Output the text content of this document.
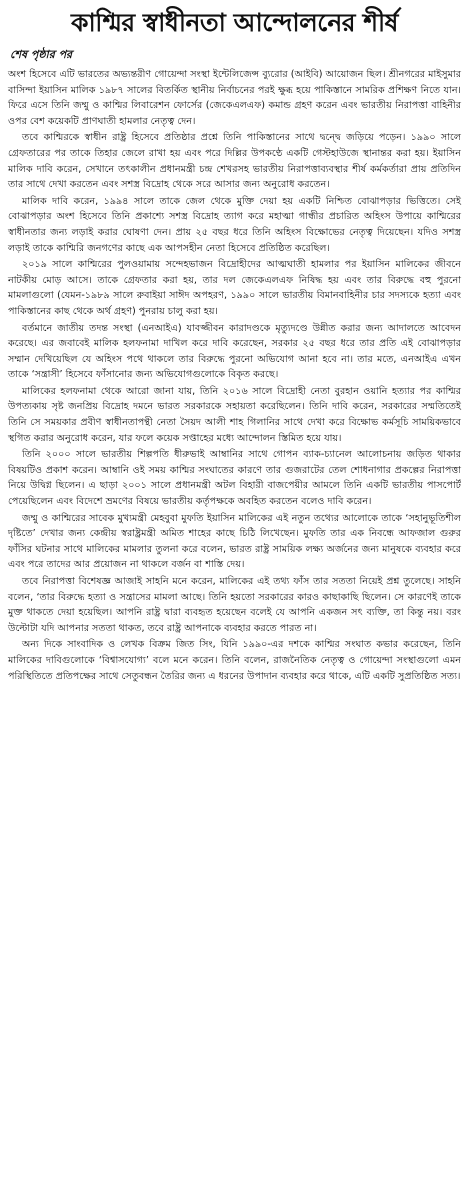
কাশ্মির স্বাধীনতা আন্দোলনের শীর্ষ
শেষ পৃষ্ঠার পর

অংশ হিসেবে এটি ভারতের অভ্যন্তরীণ গোয়েন্দা সংস্থা ইন্টেলিজেন্স ব্যুরোর (আইবি) আয়োজন ছিল। শ্রীনগরের মাইসুমার বাসিন্দা ইয়াসিন মালিক ১৯৮৭ সালের বিতর্কিত স্থানীয় নির্বাচনের পরই ক্ষুব্ধ হয়ে পাকিস্তানে সামরিক প্রশিক্ষণ নিতে যান। ফিরে এসে তিনি জম্মু ও কাশ্মির লিবারেশন ফোর্সের (জেকেএলএফ) কমান্ড গ্রহণ করেন এবং ভারতীয় নিরাপত্তা বাহিনীর ওপর বেশ কয়েকটি প্রাণঘাতী হামলার নেতৃত্ব দেন।

তবে কাশ্মিরকে স্বাধীন রাষ্ট্র হিসেবে প্রতিষ্ঠার প্রশ্নে তিনি পাকিস্তানের সাথে দ্বন্দ্বে জড়িয়ে পড়েন। ১৯৯০ সালে গ্রেফতারের পর তাকে তিহার জেলে রাখা হয় এবং পরে দিল্লির উপকণ্ঠে একটি গেস্টহাউজে স্থানান্তর করা হয়। ইয়াসিন মালিক দাবি করেন, সেখানে তৎকালীন প্রধানমন্ত্রী চন্দ্র শেখরসহ ভারতীয় নিরাপত্তাব্যবস্থার শীর্ষ কর্মকর্তারা প্রায় প্রতিদিন তার সাথে দেখা করতেন এবং সশস্ত্র বিদ্রোহ থেকে সরে আসার জন্য অনুরোধ করতেন।

মালিক দাবি করেন, ১৯৯৪ সালে তাকে জেল থেকে মুক্তি দেয়া হয় একটি নিশ্চিত বোঝাপড়ার ভিত্তিতে। সেই বোঝাপড়ার অংশ হিসেবে তিনি প্রকাশ্যে সশস্ত্র বিদ্রোহ ত্যাগ করে মহাত্মা গান্ধীর প্রচারিত অহিংস উপায়ে কাশ্মিরের স্বাধীনতার জন্য লড়াই করার ঘোষণা দেন। প্রায় ২৫ বছর ধরে তিনি অহিংস বিক্ষোভের নেতৃত্ব দিয়েছেন। যদিও সশস্ত্র লড়াই তাকে কাশ্মিরি জনগণের কাছে এক আপসহীন নেতা হিসেবে প্রতিষ্ঠিত করেছিল।

২০১৯ সালে কাশ্মিরের পুলওয়ামায় সন্দেহভাজন বিদ্রোহীদের আত্মঘাতী হামলার পর ইয়াসিন মালিকের জীবনে নাটকীয় মোড় আসে। তাকে গ্রেফতার করা হয়, তার দল জেকেএলএফ নিষিদ্ধ হয় এবং তার বিরুদ্ধে বহু পুরনো মামলাগুলো (যেমন-১৯৮৯ সালে রুবাইয়া সাঈদ অপহরণ, ১৯৯০ সালে ভারতীয় বিমানবাহিনীর চার সদস্যকে হত্যা এবং পাকিস্তানের কাছ থেকে অর্থ গ্রহণ) পুনরায় চালু করা হয়।

বর্তমানে জাতীয় তদন্ত সংস্থা (এনআইএ) যাবজ্জীবন কারাদণ্ডকে মৃত্যুদণ্ডে উন্নীত করার জন্য আদালতে আবেদন করেছে। এর জবাবেই মালিক হলফনামা দাখিল করে দাবি করেছেন, সরকার ২৫ বছর ধরে তার প্রতি এই বোঝাপড়ার সম্মান দেখিয়েছিল যে অহিংস পথে থাকলে তার বিরুদ্ধে পুরনো অভিযোগ আনা হবে না। তার মতে, এনআইএ এখন তাকে ‘সন্ত্রাসী’ হিসেবে ফাঁসানোর জন্য অভিযোগগুলোকে বিকৃত করছে।

মালিকের হলফনামা থেকে আরো জানা যায়, তিনি ২০১৬ সালে বিদ্রোহী নেতা বুরহান ওয়ানি হত্যার পর কাশ্মির উপত্যকায় সৃষ্ট জনপ্রিয় বিদ্রোহ দমনে ভারত সরকারকে সহায়তা করেছিলেন। তিনি দাবি করেন, সরকারের সম্মতিতেই তিনি সে সময়কার প্রবীণ স্বাধীনতাপন্থী নেতা সৈয়দ আলী শাহ গিলানির সাথে দেখা করে বিক্ষোভ কর্মসূচি সাময়িকভাবে স্থগিত করার অনুরোধ করেন, যার ফলে কয়েক সপ্তাহের মধ্যে আন্দোলন স্তিমিত হয়ে যায়।

তিনি ২০০০ সালে ভারতীয় শিল্পপতি ধীরুভাই আম্বানির সাথে গোপন ব্যাক-চ্যানেল আলোচনায় জড়িত থাকার বিষয়টিও প্রকাশ করেন। আম্বানি ওই সময় কাশ্মির সংঘাতের কারণে তার গুজরাটের তেল শোধনাগার প্রকল্পের নিরাপত্তা নিয়ে উদ্বিগ্ন ছিলেন। এ ছাড়া ২০০১ সালে প্রধানমন্ত্রী অটল বিহারী বাজপেয়ীর আমলে তিনি একটি ভারতীয় পাসপোর্ট পেয়েছিলেন এবং বিদেশে ভ্রমণের বিষয়ে ভারতীয় কর্তৃপক্ষকে অবহিত করতেন বলেও দাবি করেন।

জম্মু ও কাশ্মিরের সাবেক মুখ্যমন্ত্রী মেহবুবা মুফতি ইয়াসিন মালিকের এই নতুন তথ্যের আলোকে তাকে ‘সহানুভূতিশীল দৃষ্টিতে’ দেখার জন্য কেন্দ্রীয় স্বরাষ্ট্রমন্ত্রী অমিত শাহের কাছে চিঠি লিখেছেন। মুফতি তার এক নিবন্ধে আফজাল গুরুর ফাঁসির ঘটনার সাথে মালিকের মামলার তুলনা করে বলেন, ভারত রাষ্ট্র সাময়িক লক্ষ্য অর্জনের জন্য মানুষকে ব্যবহার করে এবং পরে তাদের আর প্রয়োজন না থাকলে বর্জন বা শাস্তি দেয়।

তবে নিরাপত্তা বিশেষজ্ঞ আজাই সাহনি মনে করেন, মালিকের এই তথ্য ফাঁস তার সততা নিয়েই প্রশ্ন তুলেছে। সাহনি বলেন, ‘তার বিরুদ্ধে হত্যা ও সন্ত্রাসের মামলা আছে। তিনি হয়তো সরকারের কারও কাছাকাছি ছিলেন। সে কারণেই তাকে মুক্ত থাকতে দেয়া হয়েছিল। আপনি রাষ্ট্র দ্বারা ব্যবহৃত হয়েছেন বলেই যে আপনি একজন সৎ ব্যক্তি, তা কিন্তু নয়। বরং উল্টোটা যদি আপনার সততা থাকত, তবে রাষ্ট্র আপনাকে ব্যবহার করতে পারত না।

অন্য দিকে সাংবাদিক ও লেখক বিক্রম জিত সিং, যিনি ১৯৯০-এর দশকে কাশ্মির সংঘাত কভার করেছেন, তিনি মালিকের দাবিগুলোকে ‘বিশ্বাসযোগ্য’ বলে মনে করেন। তিনি বলেন, রাজনৈতিক নেতৃত্ব ও গোয়েন্দা সংস্থাগুলো এমন পরিস্থিতিতে প্রতিপক্ষের সাথে সেতুবন্ধন তৈরির জন্য এ ধরনের উপাদান ব্যবহার করে থাকে, এটি একটি সুপ্রতিষ্ঠিত সত্য।
